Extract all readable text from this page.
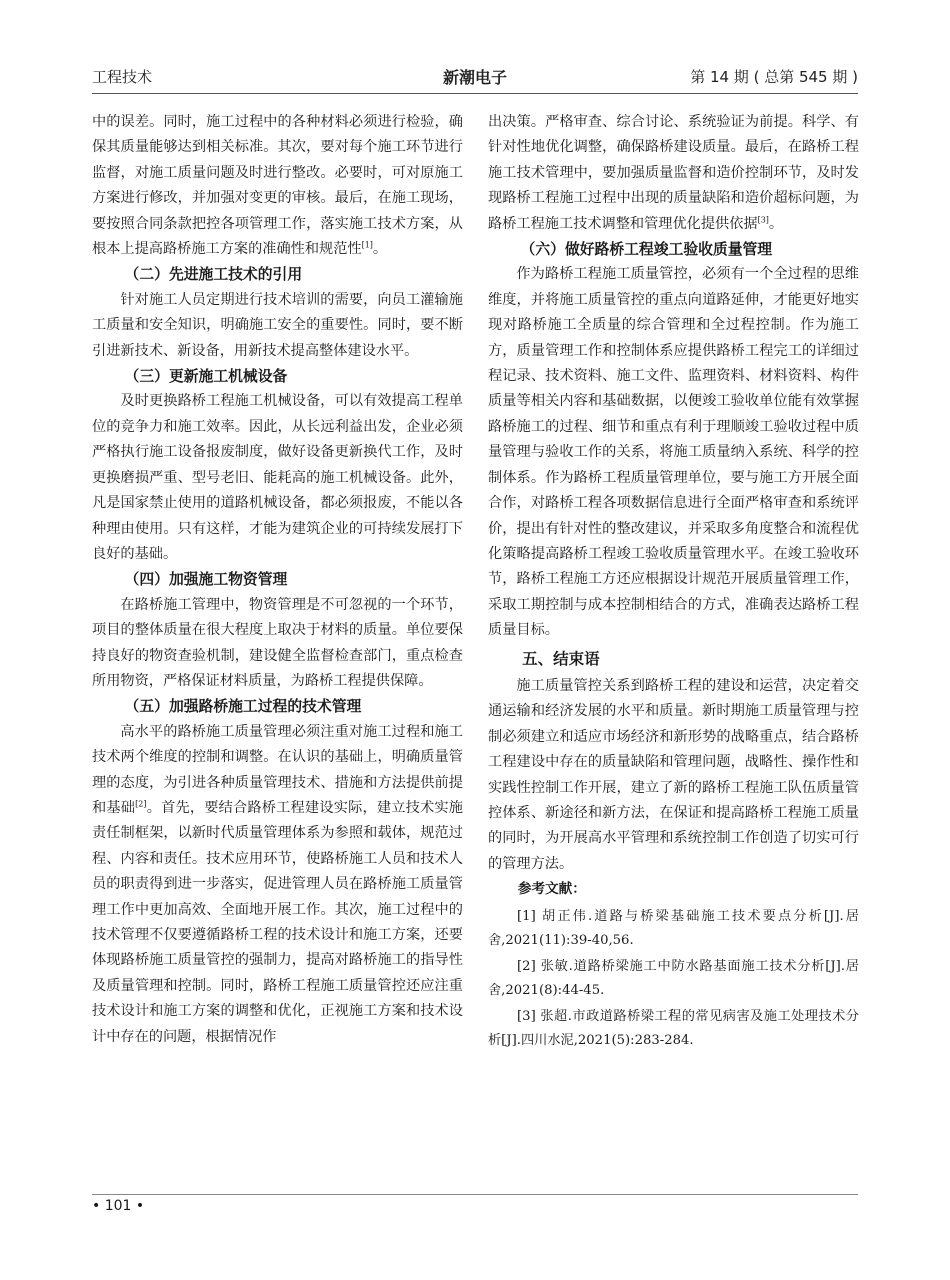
工程技术	新潮电子	第 14 期 ( 总第 545 期 )

中的误差。同时，施工过程中的各种材料必须进行检验，确保其质量能够达到相关标准。其次，要对每个施工环节进行监督，对施工质量问题及时进行整改。必要时，可对原施工方案进行修改，并加强对变更的审核。最后，在施工现场，要按照合同条款把控各项管理工作，落实施工技术方案，从根本上提高路桥施工方案的准确性和规范性[1]。

（二）先进施工技术的引用

针对施工人员定期进行技术培训的需要，向员工灌输施工质量和安全知识，明确施工安全的重要性。同时，要不断引进新技术、新设备，用新技术提高整体建设水平。

（三）更新施工机械设备

及时更换路桥工程施工机械设备，可以有效提高工程单位的竞争力和施工效率。因此，从长远利益出发，企业必须严格执行施工设备报废制度，做好设备更新换代工作，及时更换磨损严重、型号老旧、能耗高的施工机械设备。此外，凡是国家禁止使用的道路机械设备，都必须报废，不能以各种理由使用。只有这样，才能为建筑企业的可持续发展打下良好的基础。

（四）加强施工物资管理

在路桥施工管理中，物资管理是不可忽视的一个环节，项目的整体质量在很大程度上取决于材料的质量。单位要保持良好的物资查验机制，建设健全监督检查部门，重点检查所用物资，严格保证材料质量，为路桥工程提供保障。

（五）加强路桥施工过程的技术管理

高水平的路桥施工质量管理必须注重对施工过程和施工技术两个维度的控制和调整。在认识的基础上，明确质量管理的态度，为引进各种质量管理技术、措施和方法提供前提和基础[2]。首先，要结合路桥工程建设实际，建立技术实施责任制框架，以新时代质量管理体系为参照和载体，规范过程、内容和责任。技术应用环节，使路桥施工人员和技术人员的职责得到进一步落实，促进管理人员在路桥施工质量管理工作中更加高效、全面地开展工作。其次，施工过程中的技术管理不仅要遵循路桥工程的技术设计和施工方案，还要体现路桥施工质量管控的强制力，提高对路桥施工的指导性及质量管理和控制。同时，路桥工程施工质量管控还应注重技术设计和施工方案的调整和优化，正视施工方案和技术设计中存在的问题，根据情况作

出决策。严格审查、综合讨论、系统验证为前提。科学、有针对性地优化调整，确保路桥建设质量。最后，在路桥工程施工技术管理中，要加强质量监督和造价控制环节，及时发现路桥工程施工过程中出现的质量缺陷和造价超标问题，为路桥工程施工技术调整和管理优化提供依据[3]。

（六）做好路桥工程竣工验收质量管理

作为路桥工程施工质量管控，必须有一个全过程的思维维度，并将施工质量管控的重点向道路延伸，才能更好地实现对路桥施工全质量的综合管理和全过程控制。作为施工方，质量管理工作和控制体系应提供路桥工程完工的详细过程记录、技术资料、施工文件、监理资料、材料资料、构件质量等相关内容和基础数据，以便竣工验收单位能有效掌握路桥施工的过程、细节和重点有利于理顺竣工验收过程中质量管理与验收工作的关系，将施工质量纳入系统、科学的控制体系。作为路桥工程质量管理单位，要与施工方开展全面合作，对路桥工程各项数据信息进行全面严格审查和系统评价，提出有针对性的整改建议，并采取多角度整合和流程优化策略提高路桥工程竣工验收质量管理水平。在竣工验收环节，路桥工程施工方还应根据设计规范开展质量管理工作，采取工期控制与成本控制相结合的方式，准确表达路桥工程质量目标。

五、结束语

施工质量管控关系到路桥工程的建设和运营，决定着交通运输和经济发展的水平和质量。新时期施工质量管理与控制必须建立和适应市场经济和新形势的战略重点，结合路桥工程建设中存在的质量缺陷和管理问题，战略性、操作性和实践性控制工作开展，建立了新的路桥工程施工队伍质量管控体系、新途径和新方法，在保证和提高路桥工程施工质量的同时，为开展高水平管理和系统控制工作创造了切实可行的管理方法。

参考文献：

[1] 胡正伟.道路与桥梁基础施工技术要点分析[J].居舍,2021(11):39-40,56.

[2] 张敏.道路桥梁施工中防水路基面施工技术分析[J].居舍,2021(8):44-45.

[3] 张超.市政道路桥梁工程的常见病害及施工处理技术分析[J].四川水泥,2021(5):283-284.

• 101 •
